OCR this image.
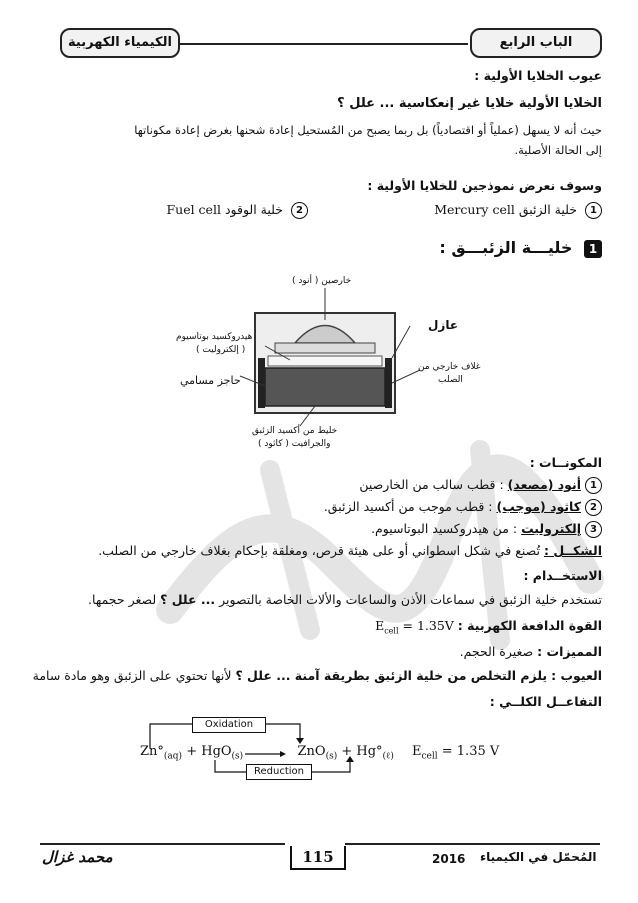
الكيمياء الكهربية	الباب الرابع
عيوب الخلايا الأولية :
الخلايا الأولية خلايا غير إنعكاسية ... علل ؟
حيث أنه لا يسهل (عملياً أو اقتصادياً) بل ربما يصبح من المُستحيل إعادة شحنها بغرض إعادة مكوناتها
إلى الحالة الأصلية.
وسوف نعرض نموذجين للخلايا الأولية :
1 خلية الزئبق Mercury cell
2 خلية الوقود Fuel cell
1 خليـــة الزئبـــق :
خارصين ( أنود )
هيدروكسيد بوتاسيوم
( إلكتروليت )
حاجز مسامي
عازل
غلاف خارجي من
الصلب
خليط من أكسيد الزئبق
والجرافيت ( كاثود )
المكونــات :
1أنود (مصعد) : قطب سالب من الخارصين
2كاثود (موجب) : قطب موجب من أكسيد الزئبق.
3إلكتروليت : من هيدروكسيد البوتاسيوم.
الشكــل : تُصنع في شكل اسطواني أو على هيئة قرص، ومغلقة بإحكام بغلاف خارجي من الصلب.
الاستخــدام :
تستخدم خلية الزئبق في سماعات الأذن والساعات والألات الخاصة بالتصوير ... علل ؟ لصغر حجمها.
القوة الدافعة الكهربية : $E_{cell} = 1.35V$
المميزات : صغيرة الحجم.
العيوب : يلزم التخلص من خلية الزئبق بطريقة آمنة ... علل ؟ لأنها تحتوي على الزئبق وهو مادة سامة
التفاعــل الكلــي :
Oxidation
Reduction
$Zn^\circ_{(aq)} + HgO_{(s)}$	$ZnO_{(s)} + Hg^\circ_{(\ell)}$ $E_{cell} = 1.35$ V
115	2016 المُحمّل في الكيمياء
محمد غزال
